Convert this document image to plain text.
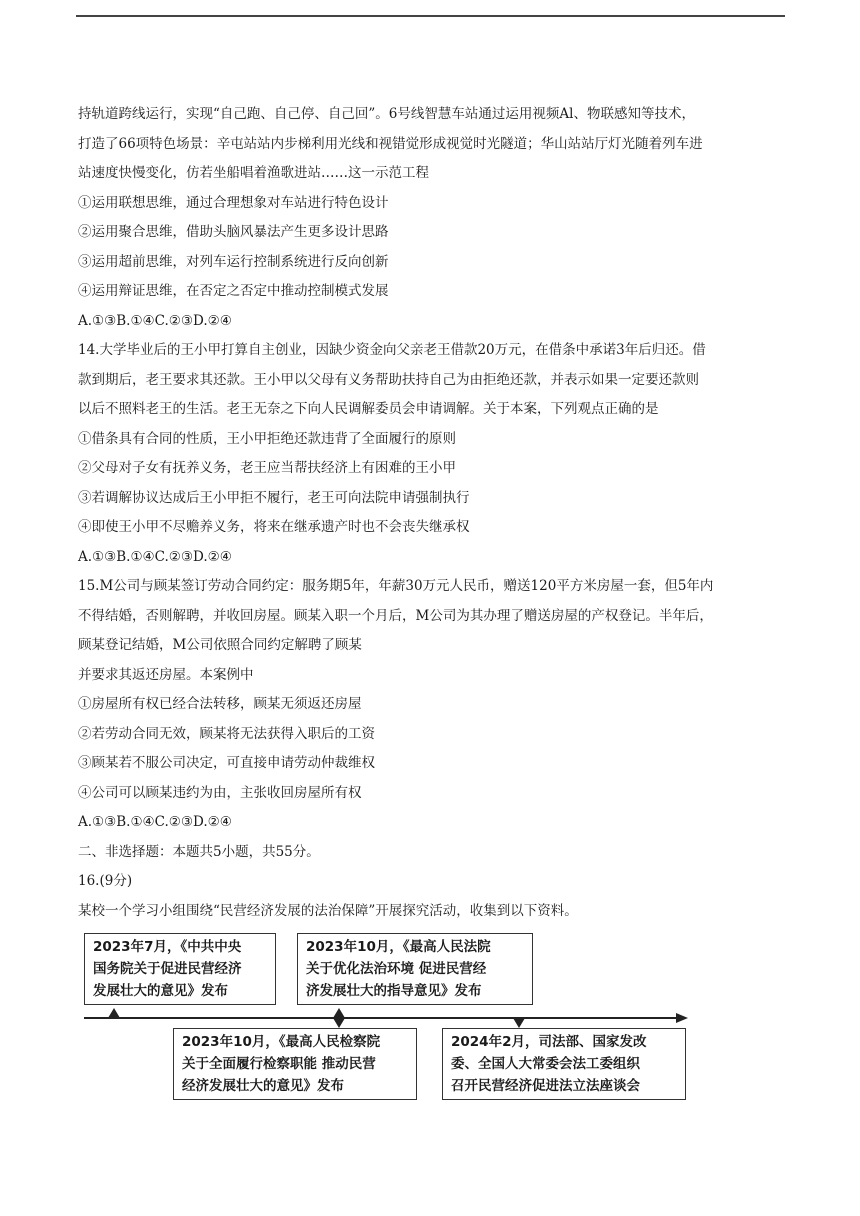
持轨道跨线运行，实现“自己跑、自己停、自己回”。6号线智慧车站通过运用视频Al、物联感知等技术，
打造了66项特色场景：辛屯站站内步梯利用光线和视错觉形成视觉时光隧道；华山站站厅灯光随着列车进
站速度快慢变化，仿若坐船唱着渔歌进站……这一示范工程
①运用联想思维，通过合理想象对车站进行特色设计
②运用聚合思维，借助头脑风暴法产生更多设计思路
③运用超前思维，对列车运行控制系统进行反向创新
④运用辩证思维，在否定之否定中推动控制模式发展
A.①③B.①④C.②③D.②④
14.大学毕业后的王小甲打算自主创业，因缺少资金向父亲老王借款20万元，在借条中承诺3年后归还。借
款到期后，老王要求其还款。王小甲以父母有义务帮助扶持自己为由拒绝还款，并表示如果一定要还款则
以后不照料老王的生活。老王无奈之下向人民调解委员会申请调解。关于本案，下列观点正确的是
①借条具有合同的性质，王小甲拒绝还款违背了全面履行的原则
②父母对子女有抚养义务，老王应当帮扶经济上有困难的王小甲
③若调解协议达成后王小甲拒不履行，老王可向法院申请强制执行
④即使王小甲不尽赡养义务，将来在继承遗产时也不会丧失继承权
A.①③B.①④C.②③D.②④
15.M公司与顾某签订劳动合同约定：服务期5年，年薪30万元人民币，赠送120平方米房屋一套，但5年内
不得结婚，否则解聘，并收回房屋。顾某入职一个月后，M公司为其办理了赠送房屋的产权登记。半年后，
顾某登记结婚，M公司依照合同约定解聘了顾某
并要求其返还房屋。本案例中
①房屋所有权已经合法转移，顾某无须返还房屋
②若劳动合同无效，顾某将无法获得入职后的工资
③顾某若不服公司决定，可直接申请劳动仲裁维权
④公司可以顾某违约为由，主张收回房屋所有权
A.①③B.①④C.②③D.②④
二、非选择题：本题共5小题，共55分。
16.(9分)
某校一个学习小组围绕“民营经济发展的法治保障”开展探究活动，收集到以下资料。
2023年7月，《中共中央
国务院关于促进民营经济
发展壮大的意见》发布
2023年10月，《最高人民法院
关于优化法治环境 促进民营经
济发展壮大的指导意见》发布
2023年10月，《最高人民检察院
关于全面履行检察职能 推动民营
经济发展壮大的意见》发布
2024年2月，司法部、国家发改
委、全国人大常委会法工委组织
召开民营经济促进法立法座谈会
